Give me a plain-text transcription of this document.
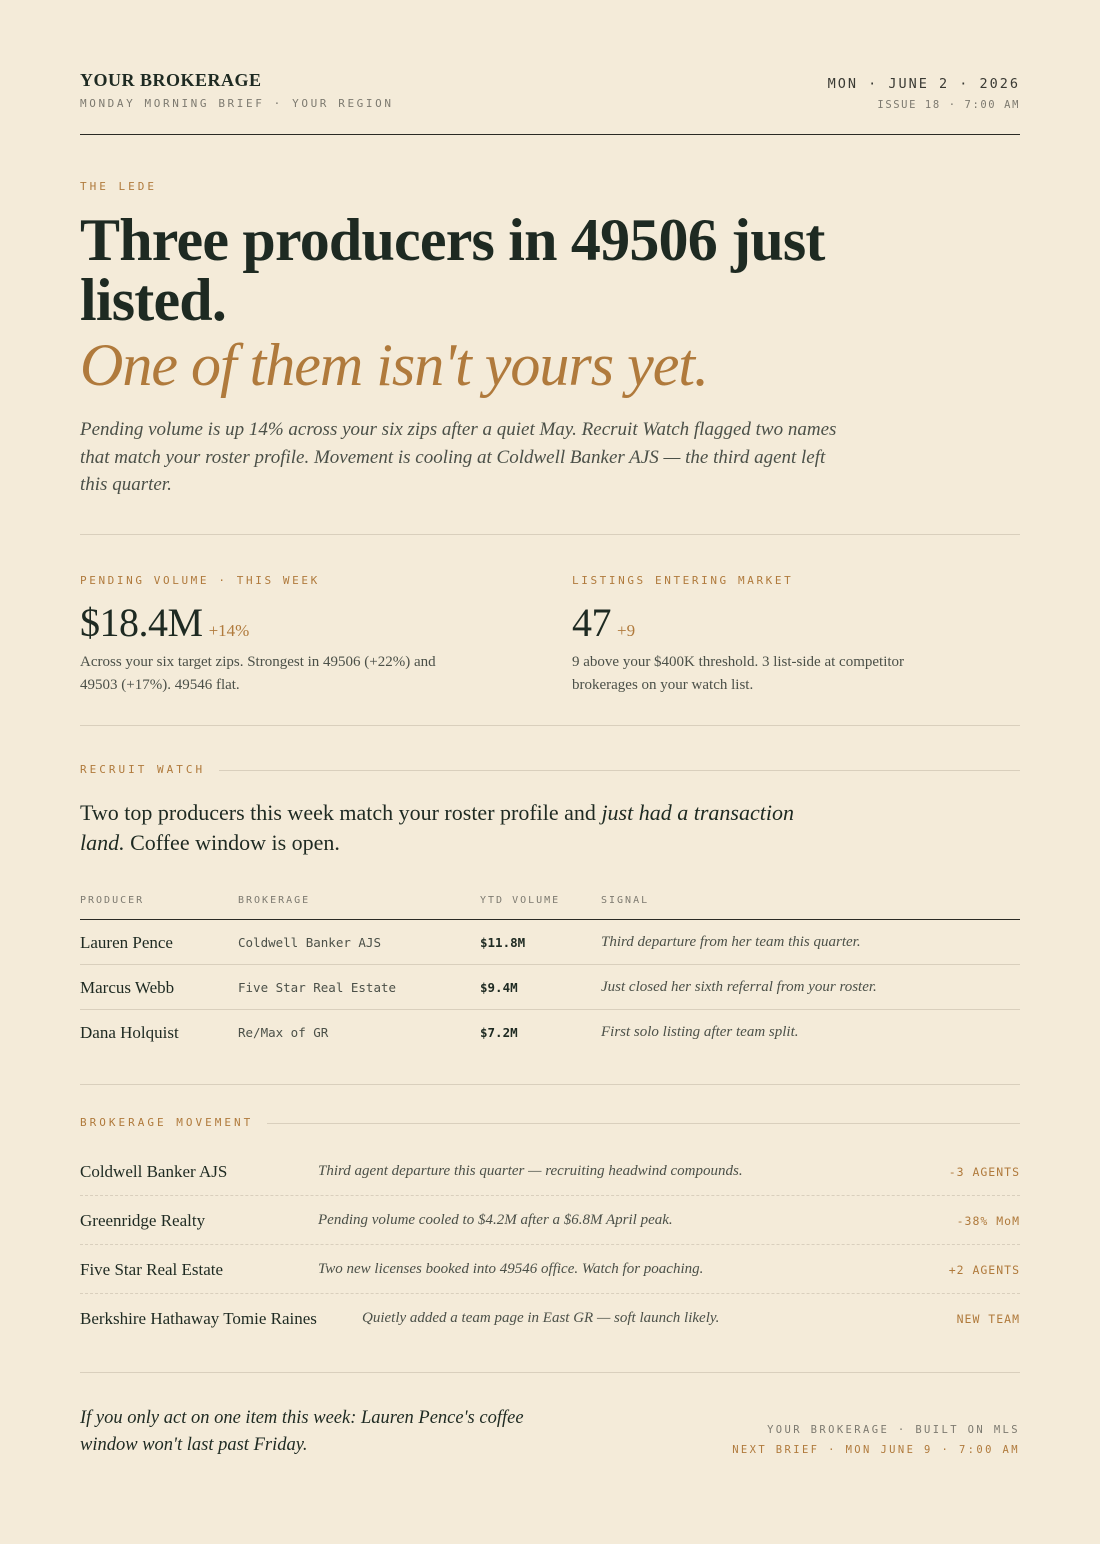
YOUR BROKERAGE
MONDAY MORNING BRIEF · YOUR REGION
MON · JUNE 2 · 2026
ISSUE 18 · 7:00 AM
THE LEDE
Three producers in 49506 just listed.
One of them isn't yours yet.

Pending volume is up 14% across your six zips after a quiet May. Recruit Watch flagged two names that match your roster profile. Movement is cooling at Coldwell Banker AJS — the third agent left this quarter.

PENDING VOLUME · THIS WEEK
$18.4M +14%
Across your six target zips. Strongest in 49506 (+22%) and 49503 (+17%). 49546 flat.
LISTINGS ENTERING MARKET
47 +9
9 above your $400K threshold. 3 list-side at competitor brokerages on your watch list.
RECRUIT WATCH

Two top producers this week match your roster profile and just had a transaction land. Coffee window is open.

PRODUCER	BROKERAGE	YTD VOLUME	SIGNAL
Lauren Pence	Coldwell Banker AJS	$11.8M	Third departure from her team this quarter.
Marcus Webb	Five Star Real Estate	$9.4M	Just closed her sixth referral from your roster.
Dana Holquist	Re/Max of GR	$7.2M	First solo listing after team split.
BROKERAGE MOVEMENT
Coldwell Banker AJS	Third agent departure this quarter — recruiting headwind compounds.	-3 AGENTS
Greenridge Realty	Pending volume cooled to $4.2M after a $6.8M April peak.	-38% MoM
Five Star Real Estate	Two new licenses booked into 49546 office. Watch for poaching.	+2 AGENTS
Berkshire Hathaway Tomie Raines	Quietly added a team page in East GR — soft launch likely.	NEW TEAM

If you only act on one item this week: Lauren Pence's coffee window won't last past Friday.

YOUR BROKERAGE · BUILT ON MLS
NEXT BRIEF · MON JUNE 9 · 7:00 AM
